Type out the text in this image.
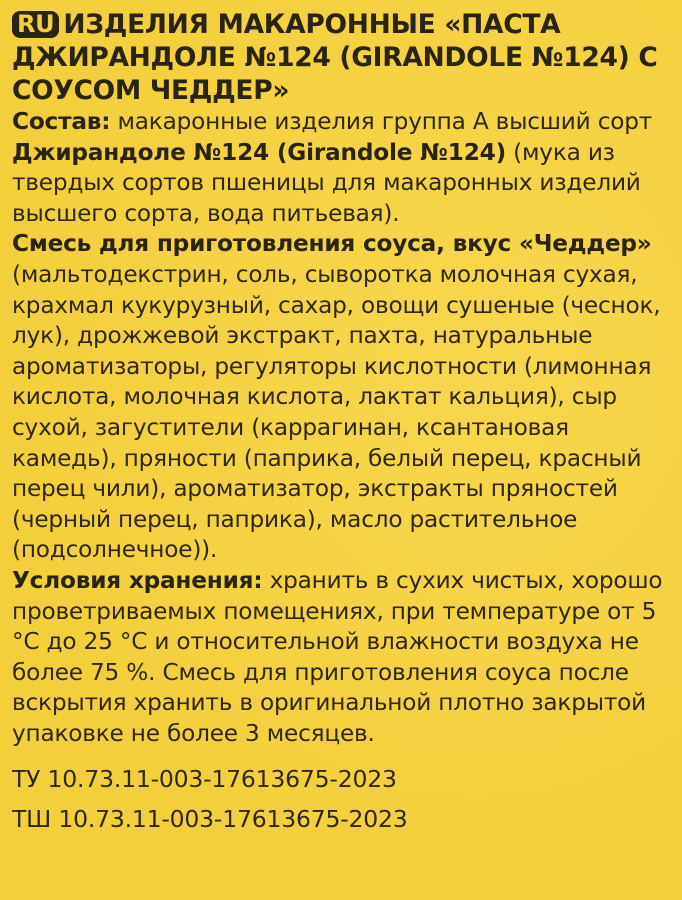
RU ИЗДЕЛИЯ МАКАРОННЫЕ «ПАСТА ДЖИРАНДОЛЕ №124 (GIRANDOLE №124) С СОУСОМ ЧЕДДЕР»

Состав: макаронные изделия группа А высший сорт Джирандоле №124 (Girandole №124) (мука из твердых сортов пшеницы для макаронных изделий высшего сорта, вода питьевая).

Смесь для приготовления соуса, вкус «Чеддер» (мальтодекстрин, соль, сыворотка молочная сухая, крахмал кукурузный, сахар, овощи сушеные (чеснок, лук), дрожжевой экстракт, пахта, натуральные ароматизаторы, регуляторы кислотности (лимонная кислота, молочная кислота, лактат кальция), сыр сухой, загустители (каррагинан, ксантановая камедь), пряности (паприка, белый перец, красный перец чили), ароматизатор, экстракты пряностей (черный перец, паприка), масло растительное (подсолнечное)).

Условия хранения: хранить в сухих чистых, хорошо проветриваемых помещениях, при температуре от 5 °С до 25 °С и относительной влажности воздуха не более 75 %. Смесь для приготовления соуса после вскрытия хранить в оригинальной плотно закрытой упаковке не более 3 месяцев.

ТУ 10.73.11-003-17613675-2023
ТШ 10.73.11-003-17613675-2023
